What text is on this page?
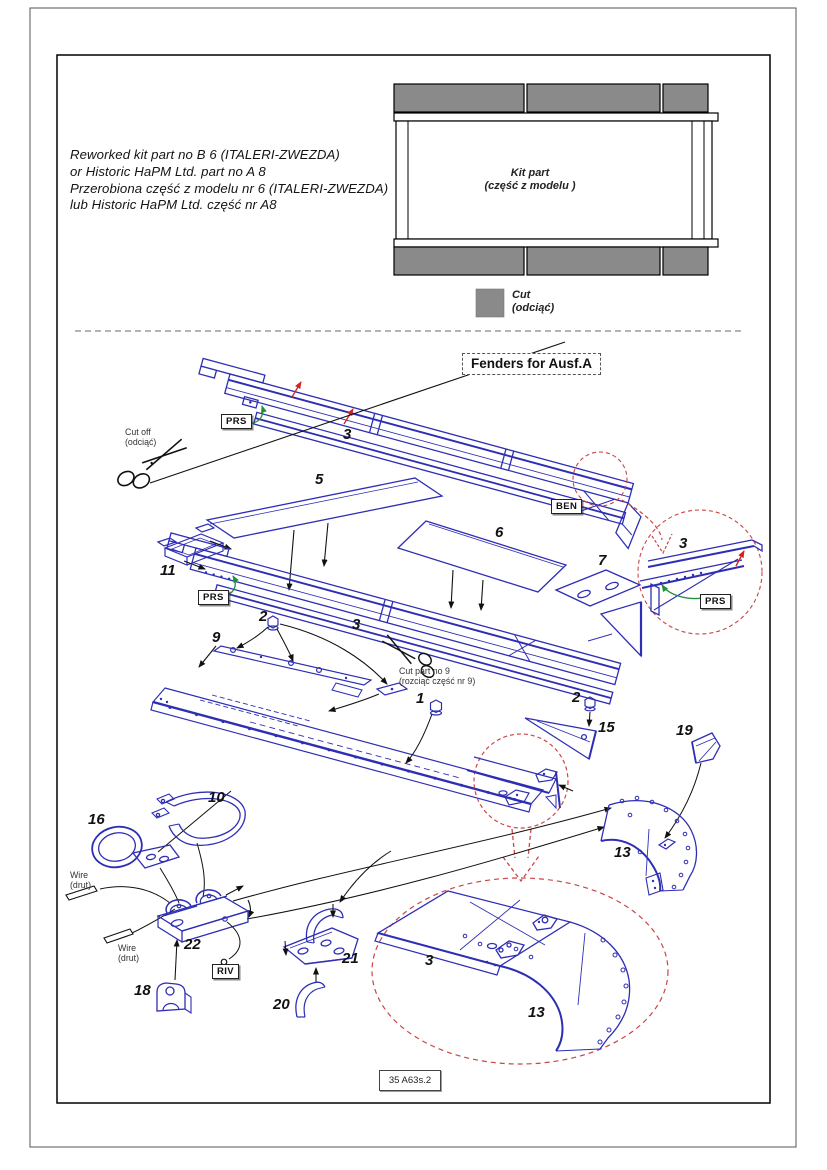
Reworked kit part no B 6 (ITALERI-ZWEZDA)
or Historic HaPM Ltd. part no A 8
Przerobiona część z modelu nr 6 (ITALERI-ZWEZDA)
lub Historic HaPM Ltd. część nr A8
Kit part
(część z modelu )
Cut
(odciąć)
Fenders for Ausf.A
Cut off
(odciąć)
Cut part no 9
(rozciąć część nr 9)
Wire
(drut)
Wire
(drut)
PRS
PRS	PRS
BEN
RIV
3
5
6
7
11
3
3
9
2
1	2
15	19
10
16
22
18
21
20
13
3
13
35 A63s.2
